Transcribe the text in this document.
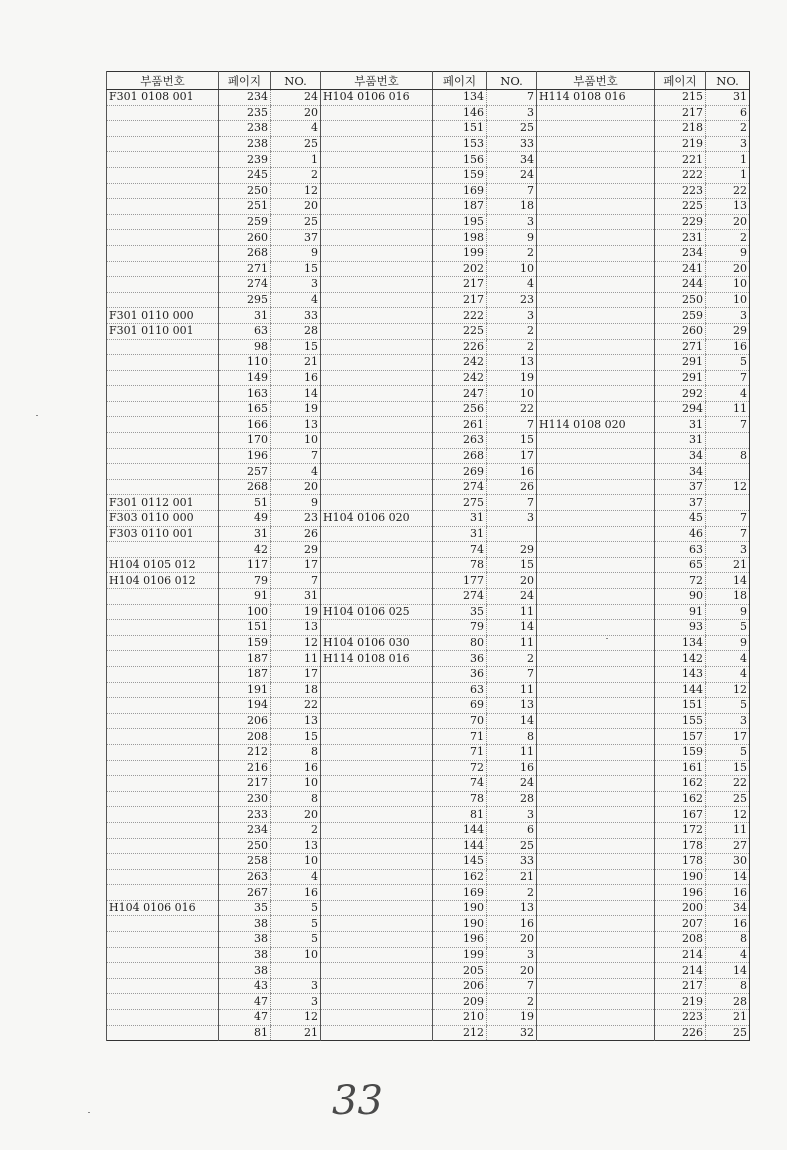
부품번호	페이지	NO.	부품번호	페이지	NO.	부품번호	페이지	NO.
F301 0108 001	234	24	H104 0106 016	134	7	H114 0108 016	215	31
	235	20		146	3		217	6
	238	4		151	25		218	2
	238	25		153	33		219	3
	239	1		156	34		221	1
	245	2		159	24		222	1
	250	12		169	7		223	22
	251	20		187	18		225	13
	259	25		195	3		229	20
	260	37		198	9		231	2
	268	9		199	2		234	9
	271	15		202	10		241	20
	274	3		217	4		244	10
	295	4		217	23		250	10
F301 0110 000	31	33		222	3		259	3
F301 0110 001	63	28		225	2		260	29
	98	15		226	2		271	16
	110	21		242	13		291	5
	149	16		242	19		291	7
	163	14		247	10		292	4
	165	19		256	22		294	11
	166	13		261	7	H114 0108 020	31	7
	170	10		263	15		31	
	196	7		268	17		34	8
	257	4		269	16		34	
	268	20		274	26		37	12
F301 0112 001	51	9		275	7		37	
F303 0110 000	49	23	H104 0106 020	31	3		45	7
F303 0110 001	31	26		31			46	7
	42	29		74	29		63	3
H104 0105 012	117	17		78	15		65	21
H104 0106 012	79	7		177	20		72	14
	91	31		274	24		90	18
	100	19	H104 0106 025	35	11		91	9
	151	13		79	14		93	5
	159	12	H104 0106 030	80	11		134	9
	187	11	H114 0108 016	36	2		142	4
	187	17		36	7		143	4
	191	18		63	11		144	12
	194	22		69	13		151	5
	206	13		70	14		155	3
	208	15		71	8		157	17
	212	8		71	11		159	5
	216	16		72	16		161	15
	217	10		74	24		162	22
	230	8		78	28		162	25
	233	20		81	3		167	12
	234	2		144	6		172	11
	250	13		144	25		178	27
	258	10		145	33		178	30
	263	4		162	21		190	14
	267	16		169	2		196	16
H104 0106 016	35	5		190	13		200	34
	38	5		190	16		207	16
	38	5		196	20		208	8
	38	10		199	3		214	4
	38			205	20		214	14
	43	3		206	7		217	8
	47	3		209	2		219	28
	47	12		210	19		223	21
	81	21		212	32		226	25
33
